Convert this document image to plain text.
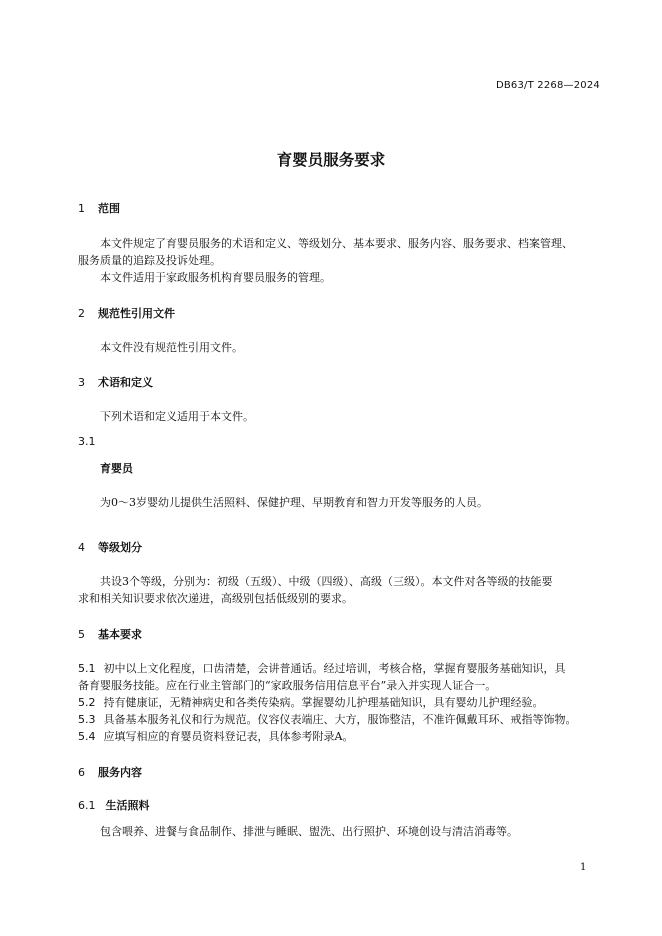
DB63/T 2268—2024
育婴员服务要求
1 范围
本文件规定了育婴员服务的术语和定义、等级划分、基本要求、服务内容、服务要求、档案管理、
服务质量的追踪及投诉处理。
本文件适用于家政服务机构育婴员服务的管理。
2 规范性引用文件
本文件没有规范性引用文件。
3 术语和定义
下列术语和定义适用于本文件。
3.1
育婴员
为0～3岁婴幼儿提供生活照料、保健护理、早期教育和智力开发等服务的人员。
4 等级划分
共设3个等级，分别为：初级（五级）、中级（四级）、高级（三级）。本文件对各等级的技能要
求和相关知识要求依次递进，高级别包括低级别的要求。
5 基本要求
5.1 初中以上文化程度，口齿清楚，会讲普通话。经过培训，考核合格，掌握育婴服务基础知识，具
备育婴服务技能。应在行业主管部门的“家政服务信用信息平台”录入并实现人证合一。
5.2 持有健康证，无精神病史和各类传染病。掌握婴幼儿护理基础知识，具有婴幼儿护理经验。
5.3 具备基本服务礼仪和行为规范。仪容仪表端庄、大方，服饰整洁，不准许佩戴耳环、戒指等饰物。
5.4 应填写相应的育婴员资料登记表，具体参考附录A。
6 服务内容
6.1 生活照料
包含喂养、进餐与食品制作、排泄与睡眠、盥洗、出行照护、环境创设与清洁消毒等。
1
